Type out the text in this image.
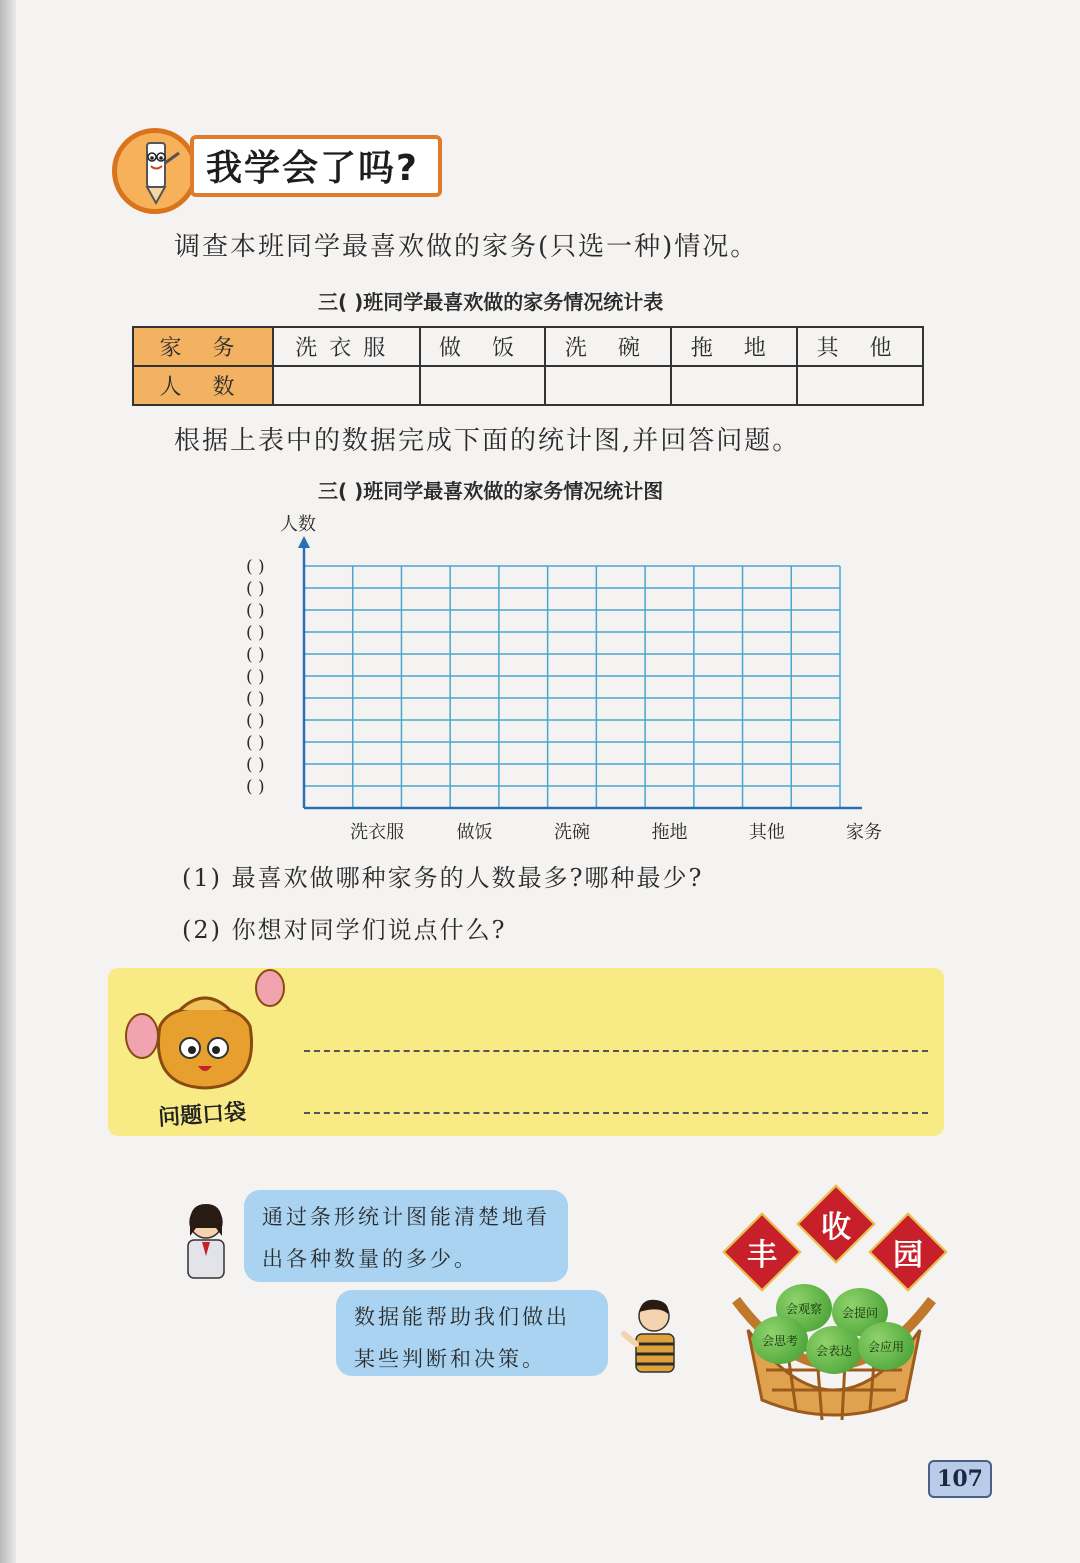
我学会了吗?
调查本班同学最喜欢做的家务(只选一种)情况。
三( )班同学最喜欢做的家务情况统计表
家 务	洗衣服	做 饭	洗 碗	拖 地	其 他
人 数					
根据上表中的数据完成下面的统计图,并回答问题。
三( )班同学最喜欢做的家务情况统计图
人数
( )
( )
( )
( )
( )
( )
( )
( )
( )
( )
( )
洗衣服	做饭	洗碗	拖地	其他	家务
(1) 最喜欢做哪种家务的人数最多?哪种最少?
(2) 你想对同学们说点什么?
问题口袋
通过条形统计图能清楚地看出各种数量的多少。
数据能帮助我们做出某些判断和决策。
丰
收
园
会观察	会提问
会思考
会表达	会应用
107
